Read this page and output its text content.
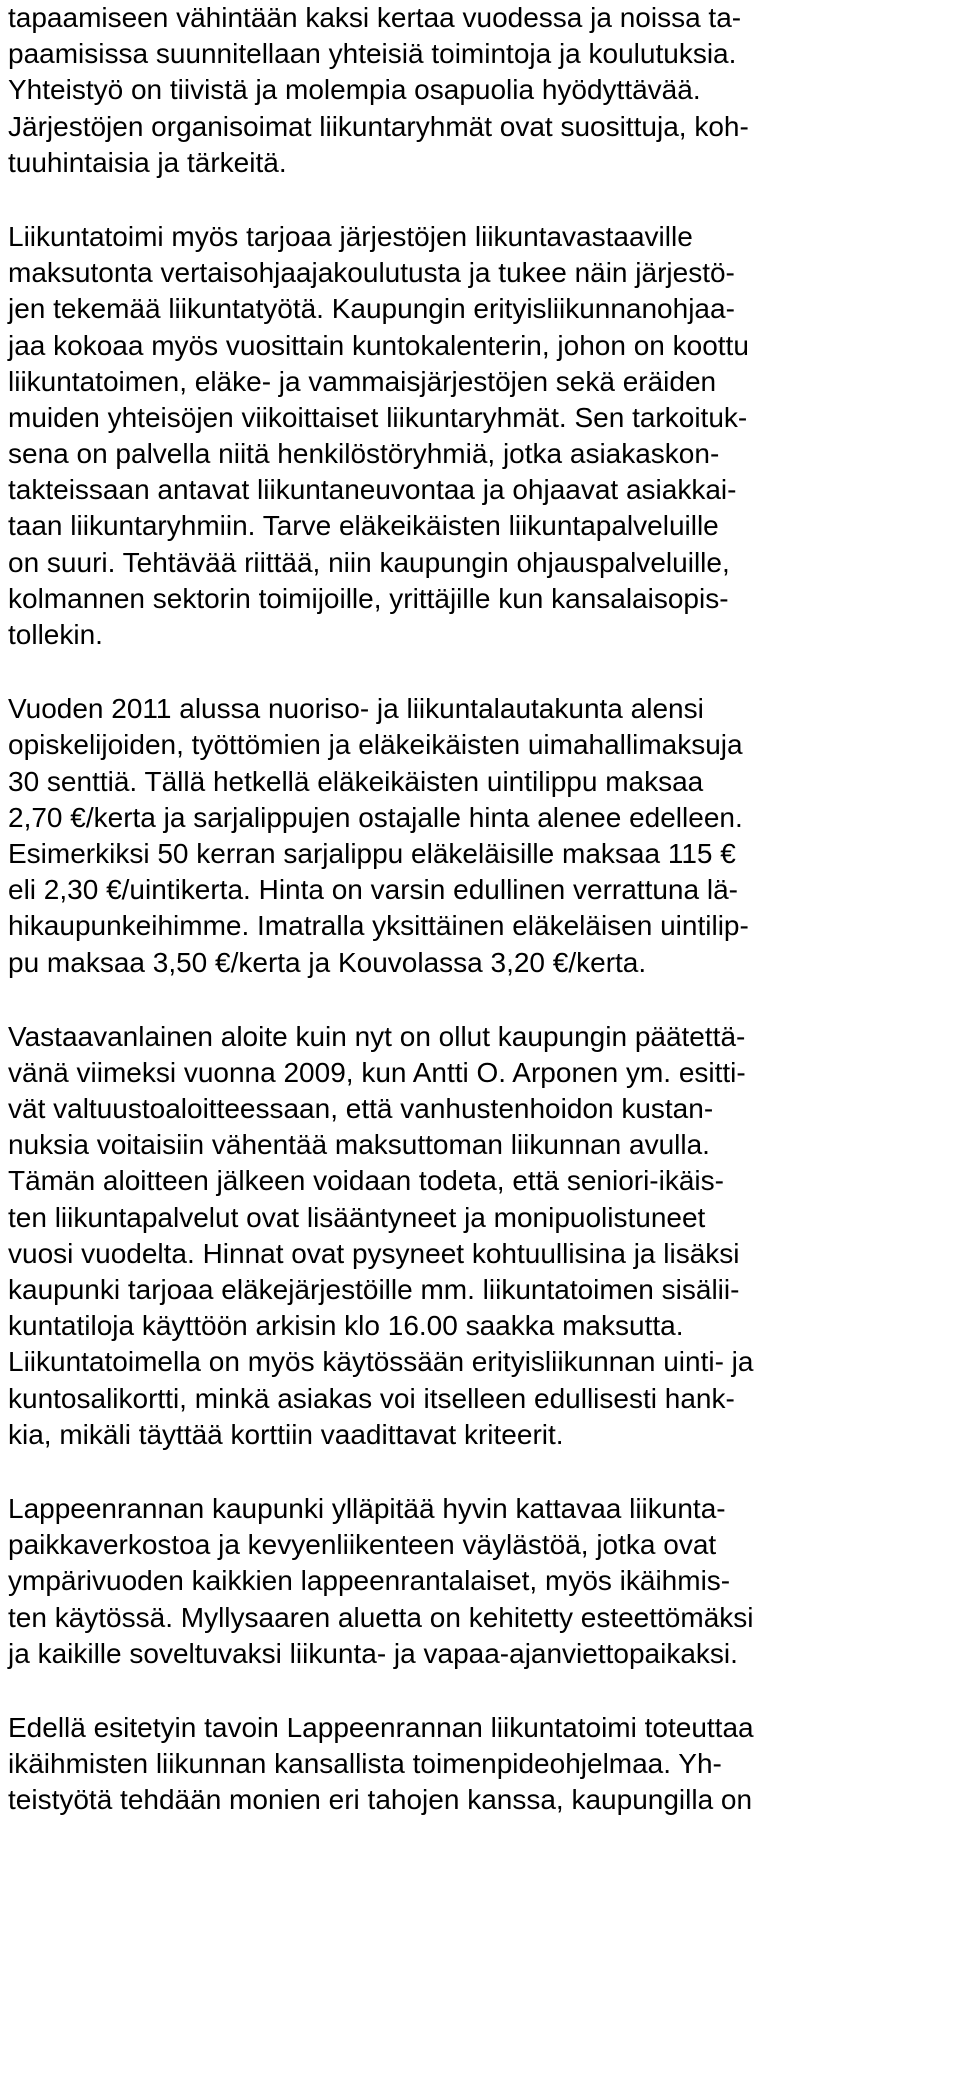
tapaamiseen vähintään kaksi kertaa vuodessa ja noissa ta-
paamisissa suunnitellaan yhteisiä toimintoja ja koulutuksia.
Yhteistyö on tiivistä ja molempia osapuolia hyödyttävää.
Järjestöjen organisoimat liikuntaryhmät ovat suosittuja, koh-
tuuhintaisia ja tärkeitä.

Liikuntatoimi myös tarjoaa järjestöjen liikuntavastaaville
maksutonta vertaisohjaajakoulutusta ja tukee näin järjestö-
jen tekemää liikuntatyötä. Kaupungin erityisliikunnanohjaa-
jaa kokoaa myös vuosittain kuntokalenterin, johon on koottu
liikuntatoimen, eläke- ja vammaisjärjestöjen sekä eräiden
muiden yhteisöjen viikoittaiset liikuntaryhmät. Sen tarkoituk-
sena on palvella niitä henkilöstöryhmiä, jotka asiakaskon-
takteissaan antavat liikuntaneuvontaa ja ohjaavat asiakkai-
taan liikuntaryhmiin. Tarve eläkeikäisten liikuntapalveluille
on suuri. Tehtävää riittää, niin kaupungin ohjauspalveluille,
kolmannen sektorin toimijoille, yrittäjille kun kansalaisopis-
tollekin.

Vuoden 2011 alussa nuoriso- ja liikuntalautakunta alensi
opiskelijoiden, työttömien ja eläkeikäisten uimahallimaksuja
30 senttiä. Tällä hetkellä eläkeikäisten uintilippu maksaa
2,70 €/kerta ja sarjalippujen ostajalle hinta alenee edelleen.
Esimerkiksi 50 kerran sarjalippu eläkeläisille maksaa 115 €
eli 2,30 €/uintikerta. Hinta on varsin edullinen verrattuna lä-
hikaupunkeihimme. Imatralla yksittäinen eläkeläisen uintilip-
pu maksaa 3,50 €/kerta ja Kouvolassa 3,20 €/kerta.

Vastaavanlainen aloite kuin nyt on ollut kaupungin päätettä-
vänä viimeksi vuonna 2009, kun Antti O. Arponen ym. esitti-
vät valtuustoaloitteessaan, että vanhustenhoidon kustan-
nuksia voitaisiin vähentää maksuttoman liikunnan avulla.
Tämän aloitteen jälkeen voidaan todeta, että seniori-ikäis-
ten liikuntapalvelut ovat lisääntyneet ja monipuolistuneet
vuosi vuodelta. Hinnat ovat pysyneet kohtuullisina ja lisäksi
kaupunki tarjoaa eläkejärjestöille mm. liikuntatoimen sisälii-
kuntatiloja käyttöön arkisin klo 16.00 saakka maksutta.
Liikuntatoimella on myös käytössään erityisliikunnan uinti- ja
kuntosalikortti, minkä asiakas voi itselleen edullisesti hank-
kia, mikäli täyttää korttiin vaadittavat kriteerit.

Lappeenrannan kaupunki ylläpitää hyvin kattavaa liikunta-
paikkaverkostoa ja kevyenliikenteen väylästöä, jotka ovat
ympärivuoden kaikkien lappeenrantalaiset, myös ikäihmis-
ten käytössä. Myllysaaren aluetta on kehitetty esteettömäksi
ja kaikille soveltuvaksi liikunta- ja vapaa-ajanviettopaikaksi.

Edellä esitetyin tavoin Lappeenrannan liikuntatoimi toteuttaa
ikäihmisten liikunnan kansallista toimenpideohjelmaa. Yh-
teistyötä tehdään monien eri tahojen kanssa, kaupungilla on
